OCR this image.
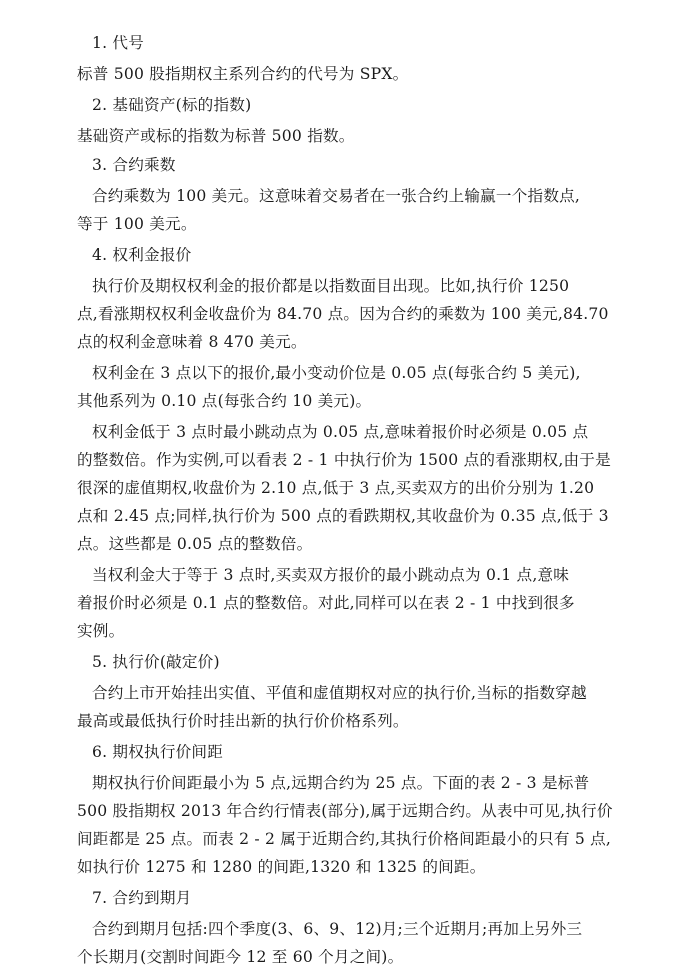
1. 代号
标普 500 股指期权主系列合约的代号为 SPX。
2. 基础资产(标的指数)
基础资产或标的指数为标普 500 指数。
3. 合约乘数
合约乘数为 100 美元。这意味着交易者在一张合约上输赢一个指数点,
等于 100 美元。
4. 权利金报价
执行价及期权权利金的报价都是以指数面目出现。比如,执行价 1250
点,看涨期权权利金收盘价为 84.70 点。因为合约的乘数为 100 美元,84.70
点的权利金意味着 8 470 美元。
权利金在 3 点以下的报价,最小变动价位是 0.05 点(每张合约 5 美元),
其他系列为 0.10 点(每张合约 10 美元)。
权利金低于 3 点时最小跳动点为 0.05 点,意味着报价时必须是 0.05 点
的整数倍。作为实例,可以看表 2 - 1 中执行价为 1500 点的看涨期权,由于是
很深的虚值期权,收盘价为 2.10 点,低于 3 点,买卖双方的出价分别为 1.20
点和 2.45 点;同样,执行价为 500 点的看跌期权,其收盘价为 0.35 点,低于 3
点。这些都是 0.05 点的整数倍。
当权利金大于等于 3 点时,买卖双方报价的最小跳动点为 0.1 点,意味
着报价时必须是 0.1 点的整数倍。对此,同样可以在表 2 - 1 中找到很多
实例。
5. 执行价(敲定价)
合约上市开始挂出实值、平值和虚值期权对应的执行价,当标的指数穿越
最高或最低执行价时挂出新的执行价价格系列。
6. 期权执行价间距
期权执行价间距最小为 5 点,远期合约为 25 点。下面的表 2 - 3 是标普
500 股指期权 2013 年合约行情表(部分),属于远期合约。从表中可见,执行价
间距都是 25 点。而表 2 - 2 属于近期合约,其执行价格间距最小的只有 5 点,
如执行价 1275 和 1280 的间距,1320 和 1325 的间距。
7. 合约到期月
合约到期月包括:四个季度(3、6、9、12)月;三个近期月;再加上另外三
个长期月(交割时间距今 12 至 60 个月之间)。
